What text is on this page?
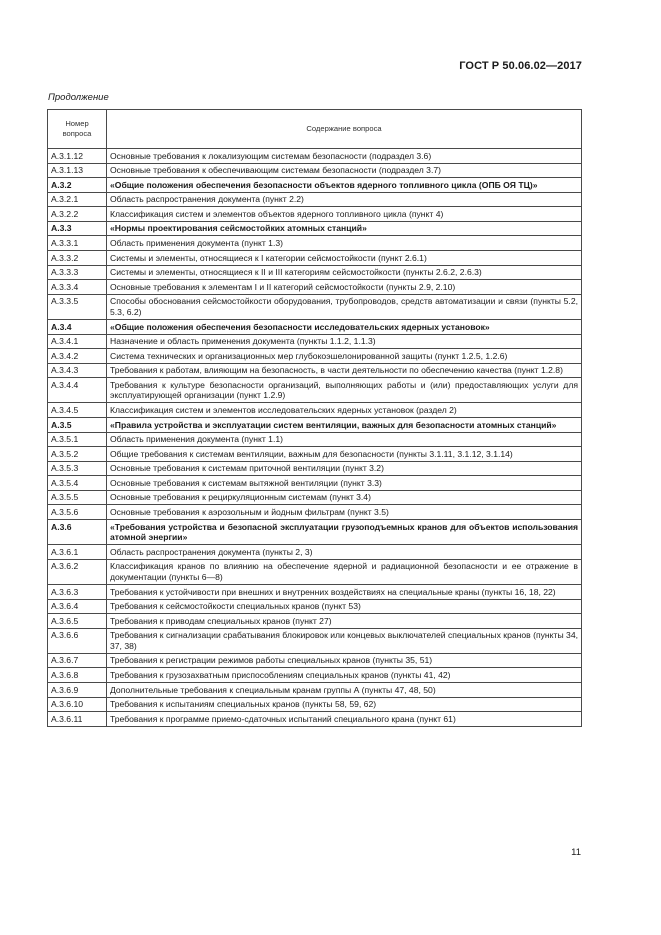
ГОСТ Р 50.06.02—2017
Продолжение
Номер вопроса	Содержание вопроса
А.3.1.12	Основные требования к локализующим системам безопасности (подраздел 3.6)
А.3.1.13	Основные требования к обеспечивающим системам безопасности (подраздел 3.7)
А.3.2	«Общие положения обеспечения безопасности объектов ядерного топливного цикла (ОПБ ОЯ ТЦ)»
А.3.2.1	Область распространения документа (пункт 2.2)
А.3.2.2	Классификация систем и элементов объектов ядерного топливного цикла (пункт 4)
А.3.3	«Нормы проектирования сейсмостойких атомных станций»
А.3.3.1	Область применения документа (пункт 1.3)
А.3.3.2	Системы и элементы, относящиеся к I категории сейсмостойкости (пункт 2.6.1)
А.3.3.3	Системы и элементы, относящиеся к II и III категориям сейсмостойкости (пункты 2.6.2, 2.6.3)
А.3.3.4	Основные требования к элементам I и II категорий сейсмостойкости (пункты 2.9, 2.10)
А.3.3.5	Способы обоснования сейсмостойкости оборудования, трубопроводов, средств автоматизации и связи (пункты 5.2, 5.3, 6.2)
А.3.4	«Общие положения обеспечения безопасности исследовательских ядерных установок»
А.3.4.1	Назначение и область применения документа (пункты 1.1.2, 1.1.3)
А.3.4.2	Система технических и организационных мер глубокоэшелонированной защиты (пункт 1.2.5, 1.2.6)
А.3.4.3	Требования к работам, влияющим на безопасность, в части деятельности по обеспечению качества (пункт 1.2.8)
А.3.4.4	Требования к культуре безопасности организаций, выполняющих работы и (или) предоставляющих услуги для эксплуатирующей организации (пункт 1.2.9)
А.3.4.5	Классификация систем и элементов исследовательских ядерных установок (раздел 2)
А.3.5	«Правила устройства и эксплуатации систем вентиляции, важных для безопасности атомных станций»
А.3.5.1	Область применения документа (пункт 1.1)
А.3.5.2	Общие требования к системам вентиляции, важным для безопасности (пункты 3.1.11, 3.1.12, 3.1.14)
А.3.5.3	Основные требования к системам приточной вентиляции (пункт 3.2)
А.3.5.4	Основные требования к системам вытяжной вентиляции (пункт 3.3)
А.3.5.5	Основные требования к рециркуляционным системам (пункт 3.4)
А.3.5.6	Основные требования к аэрозольным и йодным фильтрам (пункт 3.5)
А.3.6	«Требования устройства и безопасной эксплуатации грузоподъемных кранов для объектов использования атомной энергии»
А.3.6.1	Область распространения документа (пункты 2, 3)
А.3.6.2	Классификация кранов по влиянию на обеспечение ядерной и радиационной безопасности и ее отражение в документации (пункты 6—8)
А.3.6.3	Требования к устойчивости при внешних и внутренних воздействиях на специальные краны (пункты 16, 18, 22)
А.3.6.4	Требования к сейсмостойкости специальных кранов (пункт 53)
А.3.6.5	Требования к приводам специальных кранов (пункт 27)
А.3.6.6	Требования к сигнализации срабатывания блокировок или концевых выключателей специальных кранов (пункты 34, 37, 38)
А.3.6.7	Требования к регистрации режимов работы специальных кранов (пункты 35, 51)
А.3.6.8	Требования к грузозахватным приспособлениям специальных кранов (пункты 41, 42)
А.3.6.9	Дополнительные требования к специальным кранам группы А (пункты 47, 48, 50)
А.3.6.10	Требования к испытаниям специальных кранов (пункты 58, 59, 62)
А.3.6.11	Требования к программе приемо-сдаточных испытаний специального крана (пункт 61)
11
